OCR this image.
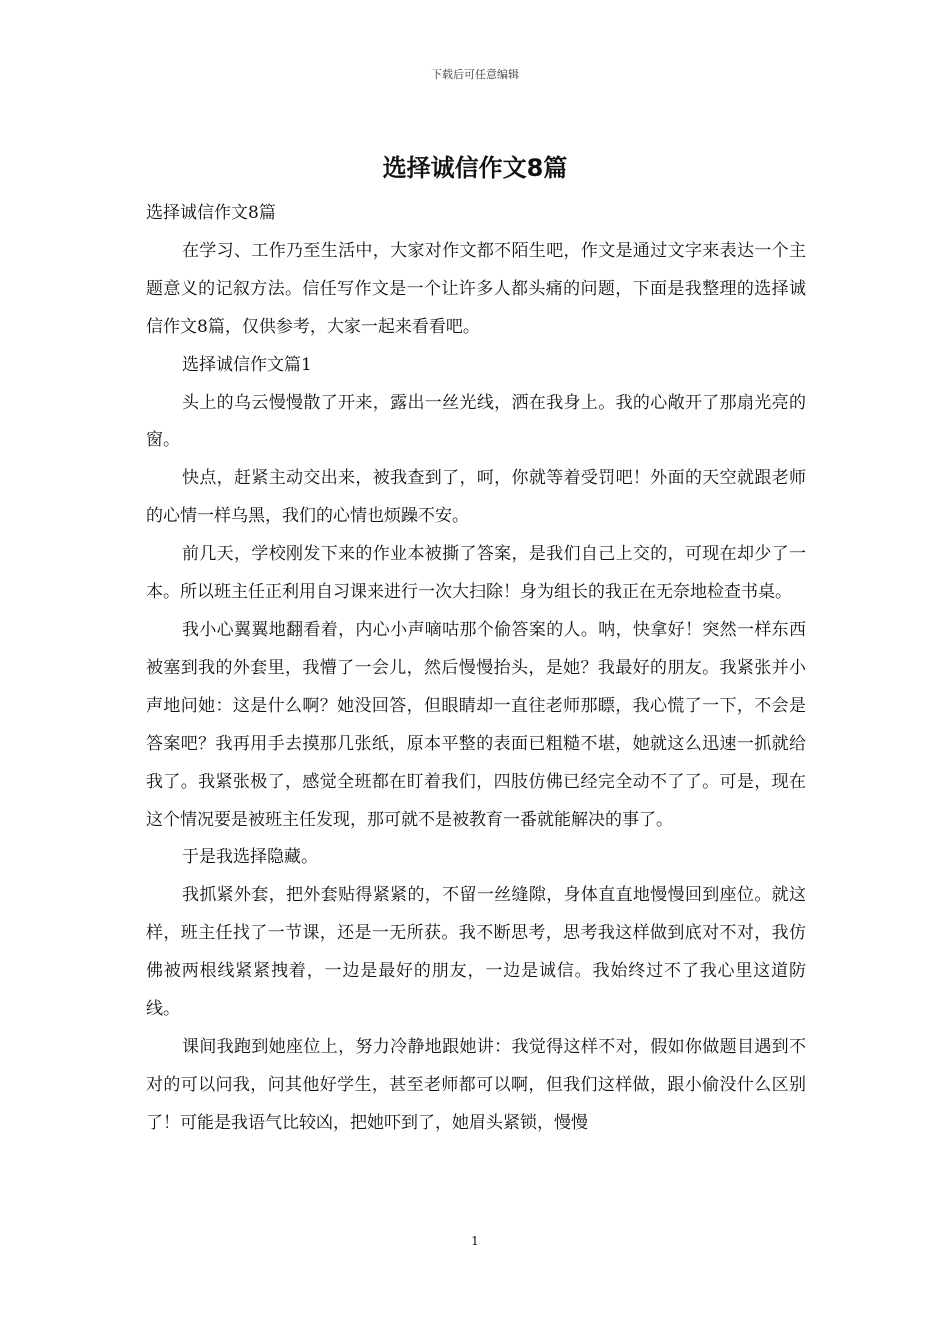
下载后可任意编辑
选择诚信作文8篇

选择诚信作文8篇

在学习、工作乃至生活中，大家对作文都不陌生吧，作文是通过文字来表达一个主题意义的记叙方法。信任写作文是一个让许多人都头痛的问题，下面是我整理的选择诚信作文8篇，仅供参考，大家一起来看看吧。

选择诚信作文篇1

头上的乌云慢慢散了开来，露出一丝光线，洒在我身上。我的心敞开了那扇光亮的窗。

快点，赶紧主动交出来，被我查到了，呵，你就等着受罚吧！外面的天空就跟老师的心情一样乌黑，我们的心情也烦躁不安。

前几天，学校刚发下来的作业本被撕了答案，是我们自己上交的，可现在却少了一本。所以班主任正利用自习课来进行一次大扫除！身为组长的我正在无奈地检查书桌。

我小心翼翼地翻看着，内心小声嘀咕那个偷答案的人。呐，快拿好！突然一样东西被塞到我的外套里，我懵了一会儿，然后慢慢抬头，是她？我最好的朋友。我紧张并小声地问她：这是什么啊？她没回答，但眼睛却一直往老师那瞟，我心慌了一下，不会是答案吧？我再用手去摸那几张纸，原本平整的表面已粗糙不堪，她就这么迅速一抓就给我了。我紧张极了，感觉全班都在盯着我们，四肢仿佛已经完全动不了了。可是，现在这个情况要是被班主任发现，那可就不是被教育一番就能解决的事了。

于是我选择隐藏。

我抓紧外套，把外套贴得紧紧的，不留一丝缝隙，身体直直地慢慢回到座位。就这样，班主任找了一节课，还是一无所获。我不断思考，思考我这样做到底对不对，我仿佛被两根线紧紧拽着，一边是最好的朋友，一边是诚信。我始终过不了我心里这道防线。

课间我跑到她座位上，努力冷静地跟她讲：我觉得这样不对，假如你做题目遇到不对的可以问我，问其他好学生，甚至老师都可以啊，但我们这样做，跟小偷没什么区别了！可能是我语气比较凶，把她吓到了，她眉头紧锁，慢慢

1
